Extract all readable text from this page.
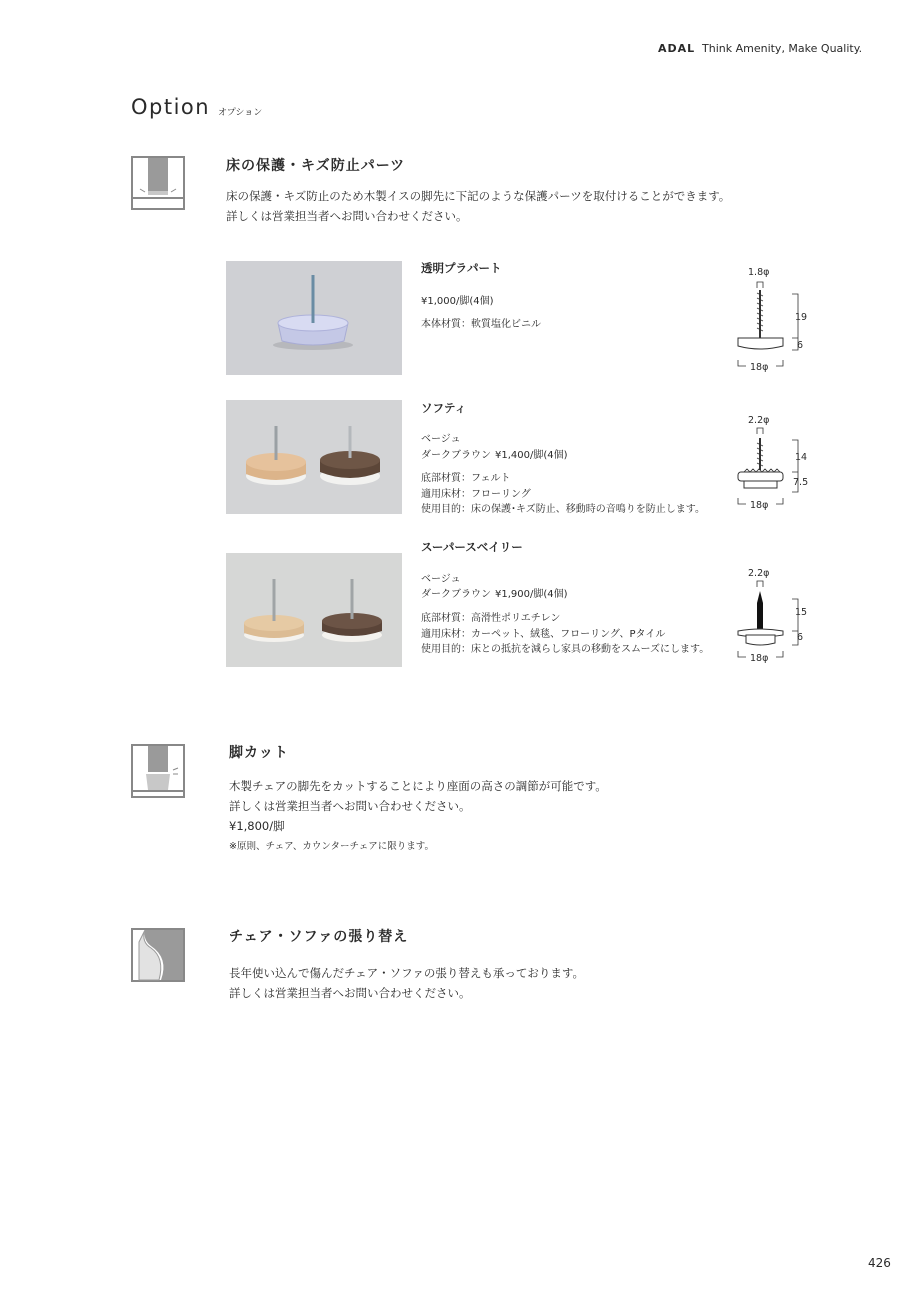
ADAL Think Amenity, Make Quality.
Option オプション
床の保護・キズ防止パーツ
床の保護・キズ防止のため木製イスの脚先に下記のような保護パーツを取付けることができます。
詳しくは営業担当者へお問い合わせください。
透明プラパート
¥1,000/脚(4個)
本体材質：軟質塩化ビニル
1.8φ
19
6
18φ
ソフティ
ベージュ
ダークブラウン ¥1,400/脚(4個)
底部材質：フェルト
適用床材：フローリング
使用目的：床の保護･キズ防止、移動時の音鳴りを防止します。
2.2φ
14
7.5
18φ
スーパースベイリー
ベージュ
ダークブラウン ¥1,900/脚(4個)
底部材質：高滑性ポリエチレン
適用床材：カーペット、絨毯、フローリング、Pタイル
使用目的：床との抵抗を減らし家具の移動をスムーズにします。
2.2φ
15
6
18φ
脚カット
木製チェアの脚先をカットすることにより座面の高さの調節が可能です。
詳しくは営業担当者へお問い合わせください。
¥1,800/脚
※原則、チェア、カウンターチェアに限ります。
チェア・ソファの張り替え
長年使い込んで傷んだチェア・ソファの張り替えも承っております。
詳しくは営業担当者へお問い合わせください。
426
